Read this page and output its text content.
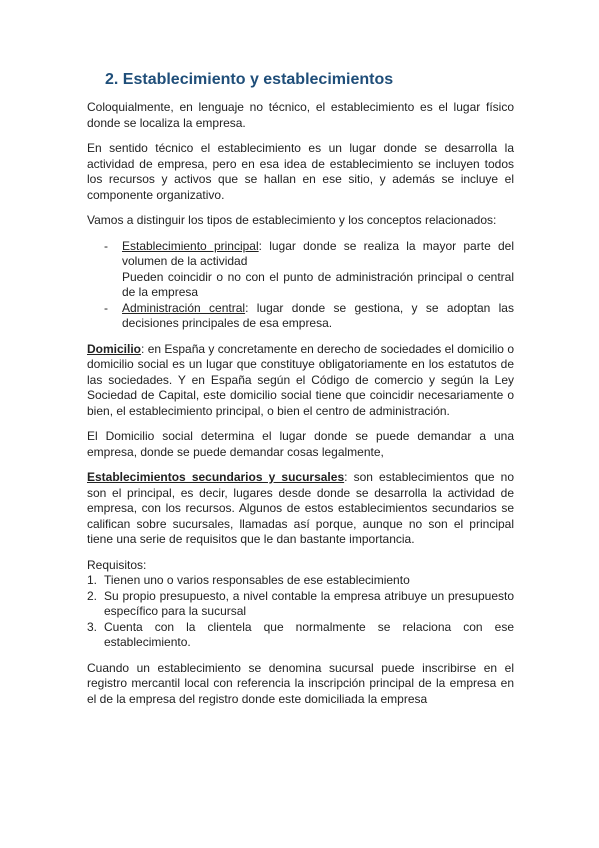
2. Establecimiento y establecimientos

Coloquialmente, en lenguaje no técnico, el establecimiento es el lugar físico donde se localiza la empresa.

En sentido técnico el establecimiento es un lugar donde se desarrolla la actividad de empresa, pero en esa idea de establecimiento se incluyen todos los recursos y activos que se hallan en ese sitio, y además se incluye el componente organizativo.

Vamos a distinguir los tipos de establecimiento y los conceptos relacionados:

- Establecimiento principal: lugar donde se realiza la mayor parte del volumen de la actividad
Pueden coincidir o no con el punto de administración principal o central de la empresa
- Administración central: lugar donde se gestiona, y se adoptan las decisiones principales de esa empresa.

Domicilio: en España y concretamente en derecho de sociedades el domicilio o domicilio social es un lugar que constituye obligatoriamente en los estatutos de las sociedades. Y en España según el Código de comercio y según la Ley Sociedad de Capital, este domicilio social tiene que coincidir necesariamente o bien, el establecimiento principal, o bien el centro de administración.

El Domicilio social determina el lugar donde se puede demandar a una empresa, donde se puede demandar cosas legalmente,

Establecimientos secundarios y sucursales: son establecimientos que no son el principal, es decir, lugares desde donde se desarrolla la actividad de empresa, con los recursos. Algunos de estos establecimientos secundarios se califican sobre sucursales, llamadas así porque, aunque no son el principal tiene una serie de requisitos que le dan bastante importancia.

Requisitos:

1. Tienen uno o varios responsables de ese establecimiento
2. Su propio presupuesto, a nivel contable la empresa atribuye un presupuesto específico para la sucursal
3. Cuenta con la clientela que normalmente se relaciona con ese establecimiento.

Cuando un establecimiento se denomina sucursal puede inscribirse en el registro mercantil local con referencia la inscripción principal de la empresa en el de la empresa del registro donde este domiciliada la empresa
